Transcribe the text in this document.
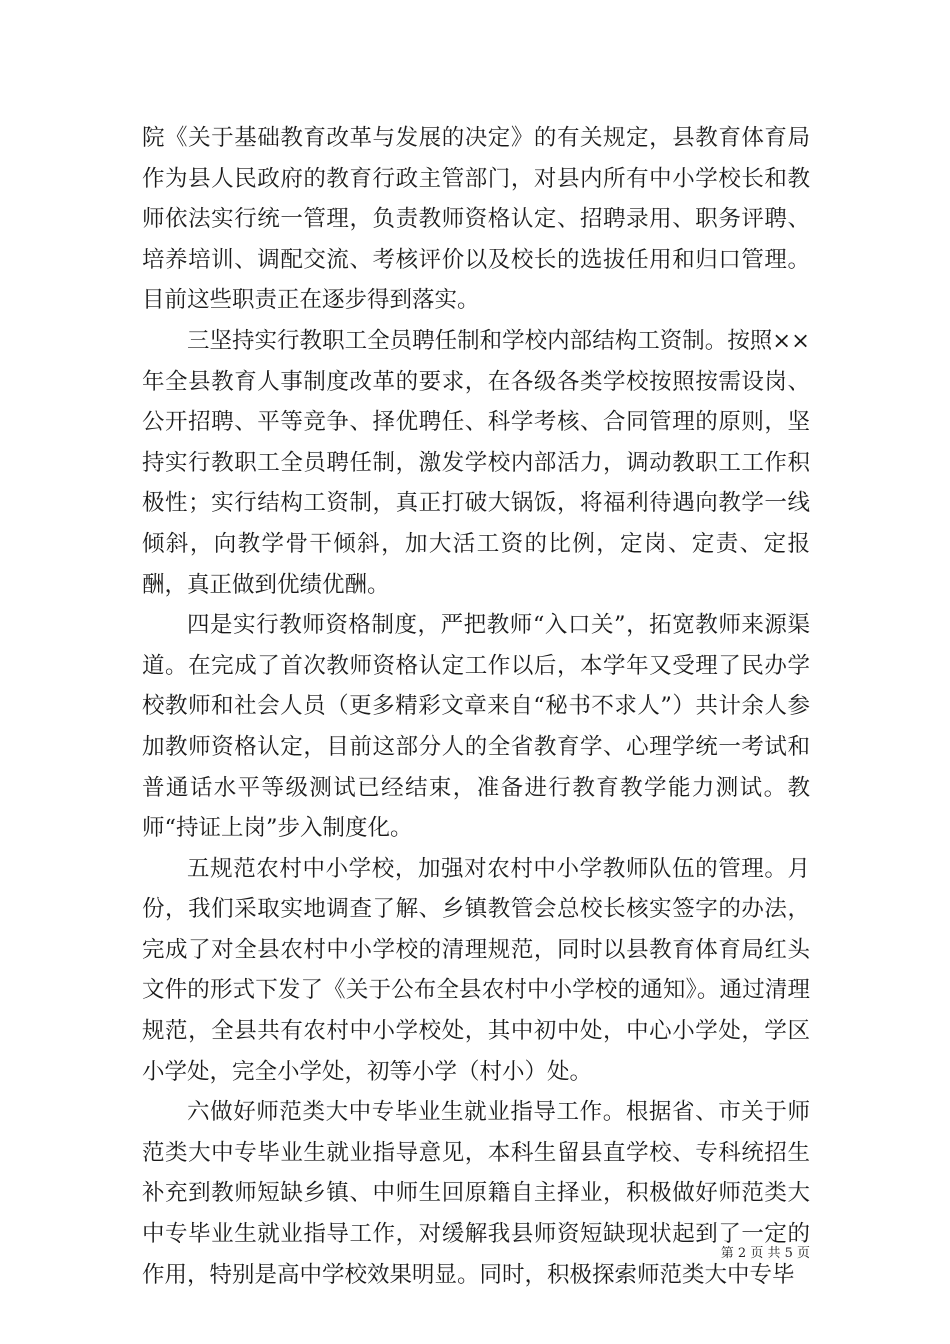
院《关于基础教育改革与发展的决定》的有关规定，县教育体育局作为县人民政府的教育行政主管部门，对县内所有中小学校长和教师依法实行统一管理，负责教师资格认定、招聘录用、职务评聘、培养培训、调配交流、考核评价以及校长的选拔任用和归口管理。目前这些职责正在逐步得到落实。

三坚持实行教职工全员聘任制和学校内部结构工资制。按照××年全县教育人事制度改革的要求，在各级各类学校按照按需设岗、公开招聘、平等竞争、择优聘任、科学考核、合同管理的原则，坚持实行教职工全员聘任制，激发学校内部活力，调动教职工工作积极性；实行结构工资制，真正打破大锅饭，将福利待遇向教学一线倾斜，向教学骨干倾斜，加大活工资的比例，定岗、定责、定报酬，真正做到优绩优酬。

四是实行教师资格制度，严把教师“入口关”，拓宽教师来源渠道。在完成了首次教师资格认定工作以后，本学年又受理了民办学校教师和社会人员（更多精彩文章来自“秘书不求人”）共计余人参加教师资格认定，目前这部分人的全省教育学、心理学统一考试和普通话水平等级测试已经结束，准备进行教育教学能力测试。教师“持证上岗”步入制度化。

五规范农村中小学校，加强对农村中小学教师队伍的管理。月份，我们采取实地调查了解、乡镇教管会总校长核实签字的办法，完成了对全县农村中小学校的清理规范，同时以县教育体育局红头文件的形式下发了《关于公布全县农村中小学校的通知》。通过清理规范，全县共有农村中小学校处，其中初中处，中心小学处，学区小学处，完全小学处，初等小学（村小）处。

六做好师范类大中专毕业生就业指导工作。根据省、市关于师范类大中专毕业生就业指导意见，本科生留县直学校、专科统招生补充到教师短缺乡镇、中师生回原籍自主择业，积极做好师范类大中专毕业生就业指导工作，对缓解我县师资短缺现状起到了一定的作用，特别是高中学校效果明显。同时，积极探索师范类大中专毕

第 2 页 共 5 页
